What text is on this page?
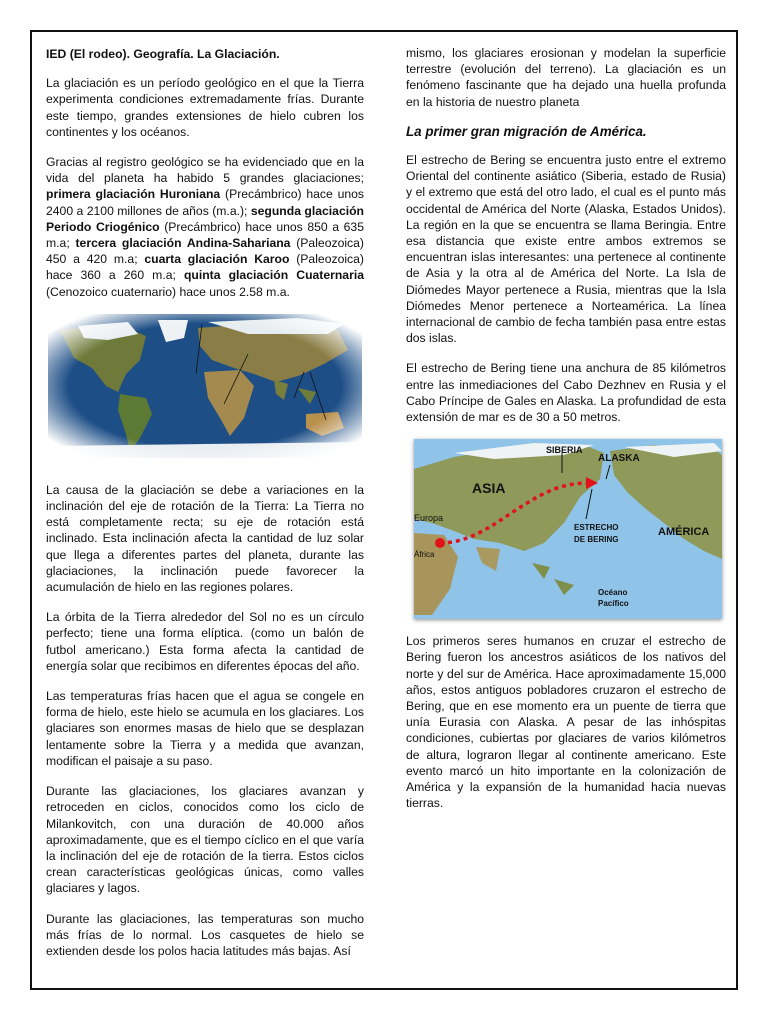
IED (El rodeo). Geografía. La Glaciación.

La glaciación es un período geológico en el que la Tierra experimenta condiciones extremadamente frías. Durante este tiempo, grandes extensiones de hielo cubren los continentes y los océanos.

Gracias al registro geológico se ha evidenciado que en la vida del planeta ha habido 5 grandes glaciaciones; primera glaciación Huroniana (Precámbrico) hace unos 2400 a 2100 millones de años (m.a.); segunda glaciación Periodo Criogénico (Precámbrico) hace unos 850 a 635 m.a; tercera glaciación Andina-Sahariana (Paleozoica) 450 a 420 m.a; cuarta glaciación Karoo (Paleozoica) hace 360 a 260 m.a; quinta glaciación Cuaternaria (Cenozoico cuaternario) hace unos 2.58 m.a.

La causa de la glaciación se debe a variaciones en la inclinación del eje de rotación de la Tierra: La Tierra no está completamente recta; su eje de rotación está inclinado. Esta inclinación afecta la cantidad de luz solar que llega a diferentes partes del planeta, durante las glaciaciones, la inclinación puede favorecer la acumulación de hielo en las regiones polares.

La órbita de la Tierra alrededor del Sol no es un círculo perfecto; tiene una forma elíptica. (como un balón de futbol americano.) Esta forma afecta la cantidad de energía solar que recibimos en diferentes épocas del año.

Las temperaturas frías hacen que el agua se congele en forma de hielo, este hielo se acumula en los glaciares. Los glaciares son enormes masas de hielo que se desplazan lentamente sobre la Tierra y a medida que avanzan, modifican el paisaje a su paso.

Durante las glaciaciones, los glaciares avanzan y retroceden en ciclos, conocidos como los ciclo de Milankovitch, con una duración de 40.000 años aproximadamente, que es el tiempo cíclico en el que varía la inclinación del eje de rotación de la tierra. Estos ciclos crean características geológicas únicas, como valles glaciares y lagos.

Durante las glaciaciones, las temperaturas son mucho más frías de lo normal. Los casquetes de hielo se extienden desde los polos hacia latitudes más bajas. Así

mismo, los glaciares erosionan y modelan la superficie terrestre (evolución del terreno). La glaciación es un fenómeno fascinante que ha dejado una huella profunda en la historia de nuestro planeta

La primer gran migración de América.

El estrecho de Bering se encuentra justo entre el extremo Oriental del continente asiático (Siberia, estado de Rusia) y el extremo que está del otro lado, el cual es el punto más occidental de América del Norte (Alaska, Estados Unidos). La región en la que se encuentra se llama Beringia. Entre esa distancia que existe entre ambos extremos se encuentran islas interesantes: una pertenece al continente de Asia y la otra al de América del Norte. La Isla de Diómedes Mayor pertenece a Rusia, mientras que la Isla Diómedes Menor pertenece a Norteamérica. La línea internacional de cambio de fecha también pasa entre estas dos islas.

El estrecho de Bering tiene una anchura de 85 kilómetros entre las inmediaciones del Cabo Dezhnev en Rusia y el Cabo Príncipe de Gales en Alaska. La profundidad de esta extensión de mar es de 30 a 50 metros.

SIBERIA
ALASKA
ASIA
Europa
África
ESTRECHO
DE BERING
AMÉRICA
Océano
Pacífico

Los primeros seres humanos en cruzar el estrecho de Bering fueron los ancestros asiáticos de los nativos del norte y del sur de América. Hace aproximadamente 15,000 años, estos antiguos pobladores cruzaron el estrecho de Bering, que en ese momento era un puente de tierra que unía Eurasia con Alaska. A pesar de las inhóspitas condiciones, cubiertas por glaciares de varios kilómetros de altura, lograron llegar al continente americano. Este evento marcó un hito importante en la colonización de América y la expansión de la humanidad hacia nuevas tierras.
